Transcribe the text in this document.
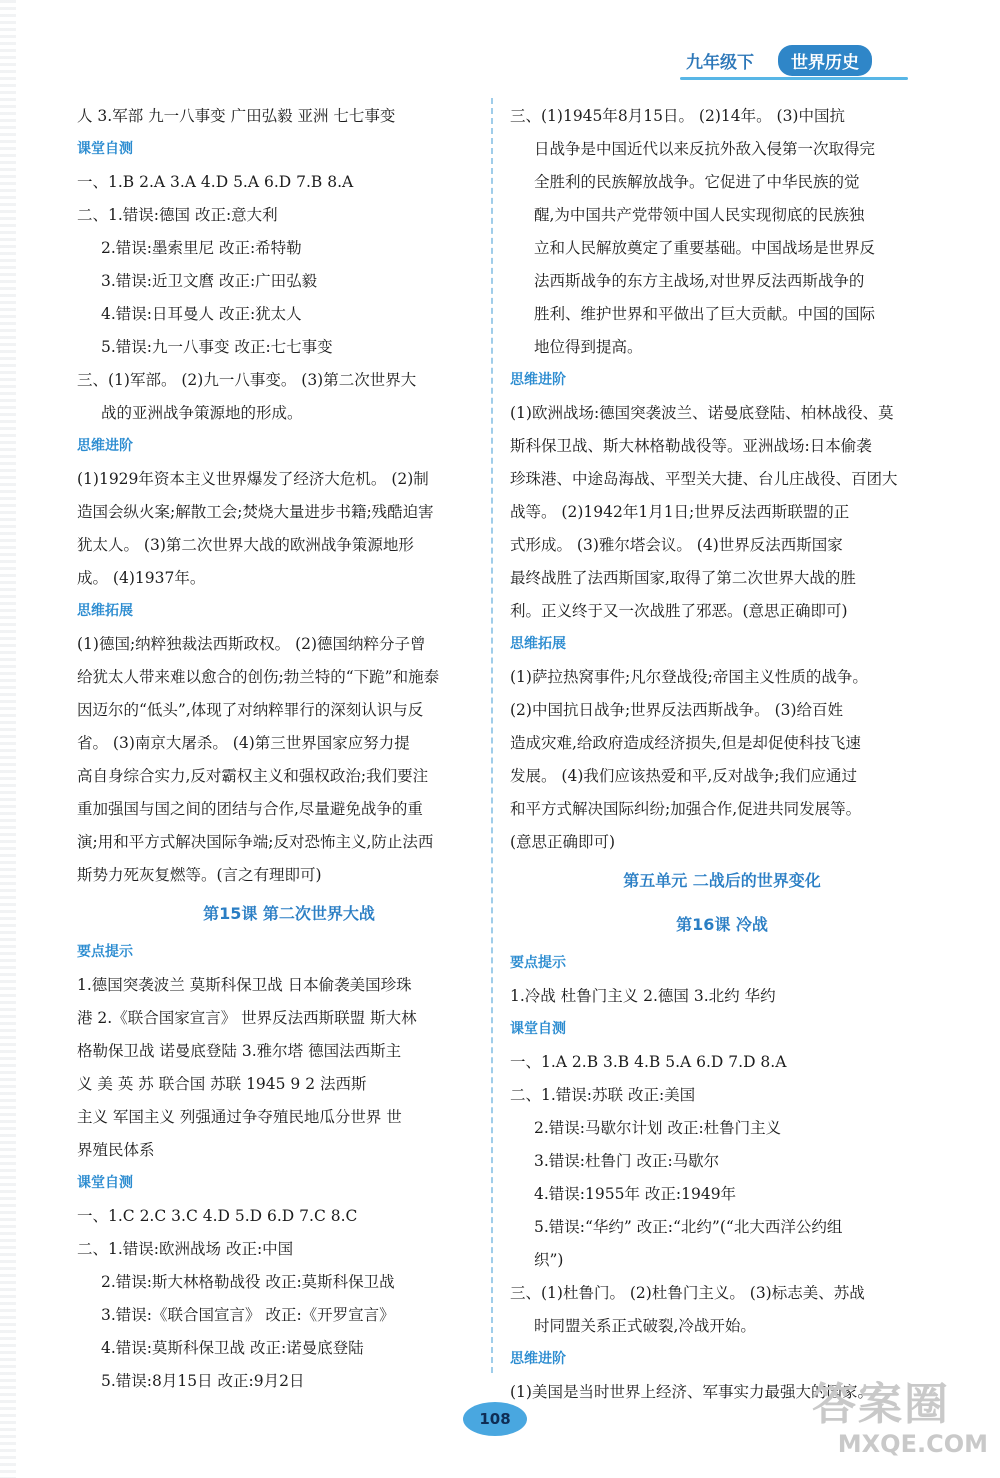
九年级下	世界历史
人 3.军部 九一八事变 广田弘毅 亚洲 七七事变
课堂自测
一、1.B 2.A 3.A 4.D 5.A 6.D 7.B 8.A
二、1.错误:德国 改正:意大利
2.错误:墨索里尼 改正:希特勒
3.错误:近卫文麿 改正:广田弘毅
4.错误:日耳曼人 改正:犹太人
5.错误:九一八事变 改正:七七事变
三、(1)军部。 (2)九一八事变。 (3)第二次世界大
战的亚洲战争策源地的形成。
思维进阶
(1)1929年资本主义世界爆发了经济大危机。 (2)制
造国会纵火案;解散工会;焚烧大量进步书籍;残酷迫害
犹太人。 (3)第二次世界大战的欧洲战争策源地形
成。 (4)1937年。
思维拓展
(1)德国;纳粹独裁法西斯政权。 (2)德国纳粹分子曾
给犹太人带来难以愈合的创伤;勃兰特的“下跪”和施泰
因迈尔的“低头”,体现了对纳粹罪行的深刻认识与反
省。 (3)南京大屠杀。 (4)第三世界国家应努力提
高自身综合实力,反对霸权主义和强权政治;我们要注
重加强国与国之间的团结与合作,尽量避免战争的重
演;用和平方式解决国际争端;反对恐怖主义,防止法西
斯势力死灰复燃等。(言之有理即可)
第15课 第二次世界大战
要点提示
1.德国突袭波兰 莫斯科保卫战 日本偷袭美国珍珠
港 2.《联合国家宣言》 世界反法西斯联盟 斯大林
格勒保卫战 诺曼底登陆 3.雅尔塔 德国法西斯主
义 美 英 苏 联合国 苏联 1945 9 2 法西斯
主义 军国主义 列强通过争夺殖民地瓜分世界 世
界殖民体系
课堂自测
一、1.C 2.C 3.C 4.D 5.D 6.D 7.C 8.C
二、1.错误:欧洲战场 改正:中国
2.错误:斯大林格勒战役 改正:莫斯科保卫战
3.错误:《联合国宣言》 改正:《开罗宣言》
4.错误:莫斯科保卫战 改正:诺曼底登陆
5.错误:8月15日 改正:9月2日
三、(1)1945年8月15日。 (2)14年。 (3)中国抗
日战争是中国近代以来反抗外敌入侵第一次取得完
全胜利的民族解放战争。它促进了中华民族的觉
醒,为中国共产党带领中国人民实现彻底的民族独
立和人民解放奠定了重要基础。中国战场是世界反
法西斯战争的东方主战场,对世界反法西斯战争的
胜利、维护世界和平做出了巨大贡献。中国的国际
地位得到提高。
思维进阶
(1)欧洲战场:德国突袭波兰、诺曼底登陆、柏林战役、莫
斯科保卫战、斯大林格勒战役等。亚洲战场:日本偷袭
珍珠港、中途岛海战、平型关大捷、台儿庄战役、百团大
战等。 (2)1942年1月1日;世界反法西斯联盟的正
式形成。 (3)雅尔塔会议。 (4)世界反法西斯国家
最终战胜了法西斯国家,取得了第二次世界大战的胜
利。正义终于又一次战胜了邪恶。(意思正确即可)
思维拓展
(1)萨拉热窝事件;凡尔登战役;帝国主义性质的战争。
(2)中国抗日战争;世界反法西斯战争。 (3)给百姓
造成灾难,给政府造成经济损失,但是却促使科技飞速
发展。 (4)我们应该热爱和平,反对战争;我们应通过
和平方式解决国际纠纷;加强合作,促进共同发展等。
(意思正确即可)
第五单元 二战后的世界变化
第16课 冷战
要点提示
1.冷战 杜鲁门主义 2.德国 3.北约 华约
课堂自测
一、1.A 2.B 3.B 4.B 5.A 6.D 7.D 8.A
二、1.错误:苏联 改正:美国
2.错误:马歇尔计划 改正:杜鲁门主义
3.错误:杜鲁门 改正:马歇尔
4.错误:1955年 改正:1949年
5.错误:“华约” 改正:“北约”(“北大西洋公约组
织”)
三、(1)杜鲁门。 (2)杜鲁门主义。 (3)标志美、苏战
时同盟关系正式破裂,冷战开始。
思维进阶
(1)美国是当时世界上经济、军事实力最强大的国家。
108	答案圈
MXQE.COM
